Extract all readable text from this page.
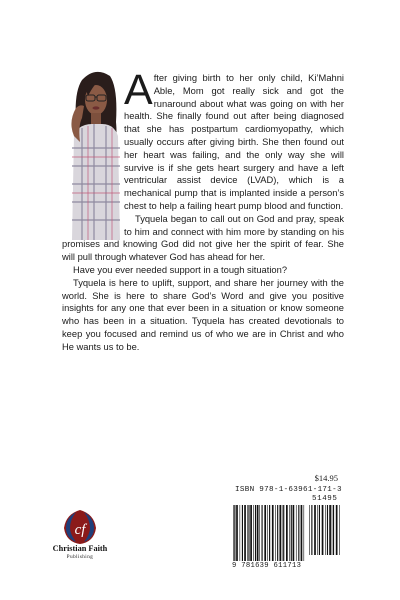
After giving birth to her only child, Ki’Mahni Able, Mom got really sick and got the runaround about what was going on with her health. She finally found out after being diagnosed that she has postpartum cardiomyopathy, which usually occurs after giving birth. She then found out her heart was failing, and the only way she will survive is if she gets heart surgery and have a left ventricular assist device (LVAD), which is a mechanical pump that is implanted inside a person’s chest to help a failing heart pump blood and function.

Tyquela began to call out on God and pray, speak to him and connect with him more by standing on his promises and knowing God did not give her the spirit of fear. She will pull through whatever God has ahead for her.

Have you ever needed support in a tough situation?

Tyquela is here to uplift, support, and share her journey with the world. She is here to share God’s Word and give you positive insights for any one that ever been in a situation or know someone who has been in a situation. Tyquela has created devotionals to keep you focused and remind us of who we are in Christ and who He wants us to be.

cf
Christian Faith
Publishing
$14.95
ISBN 978-1-63961-171-3
51495
9 781639 611713
